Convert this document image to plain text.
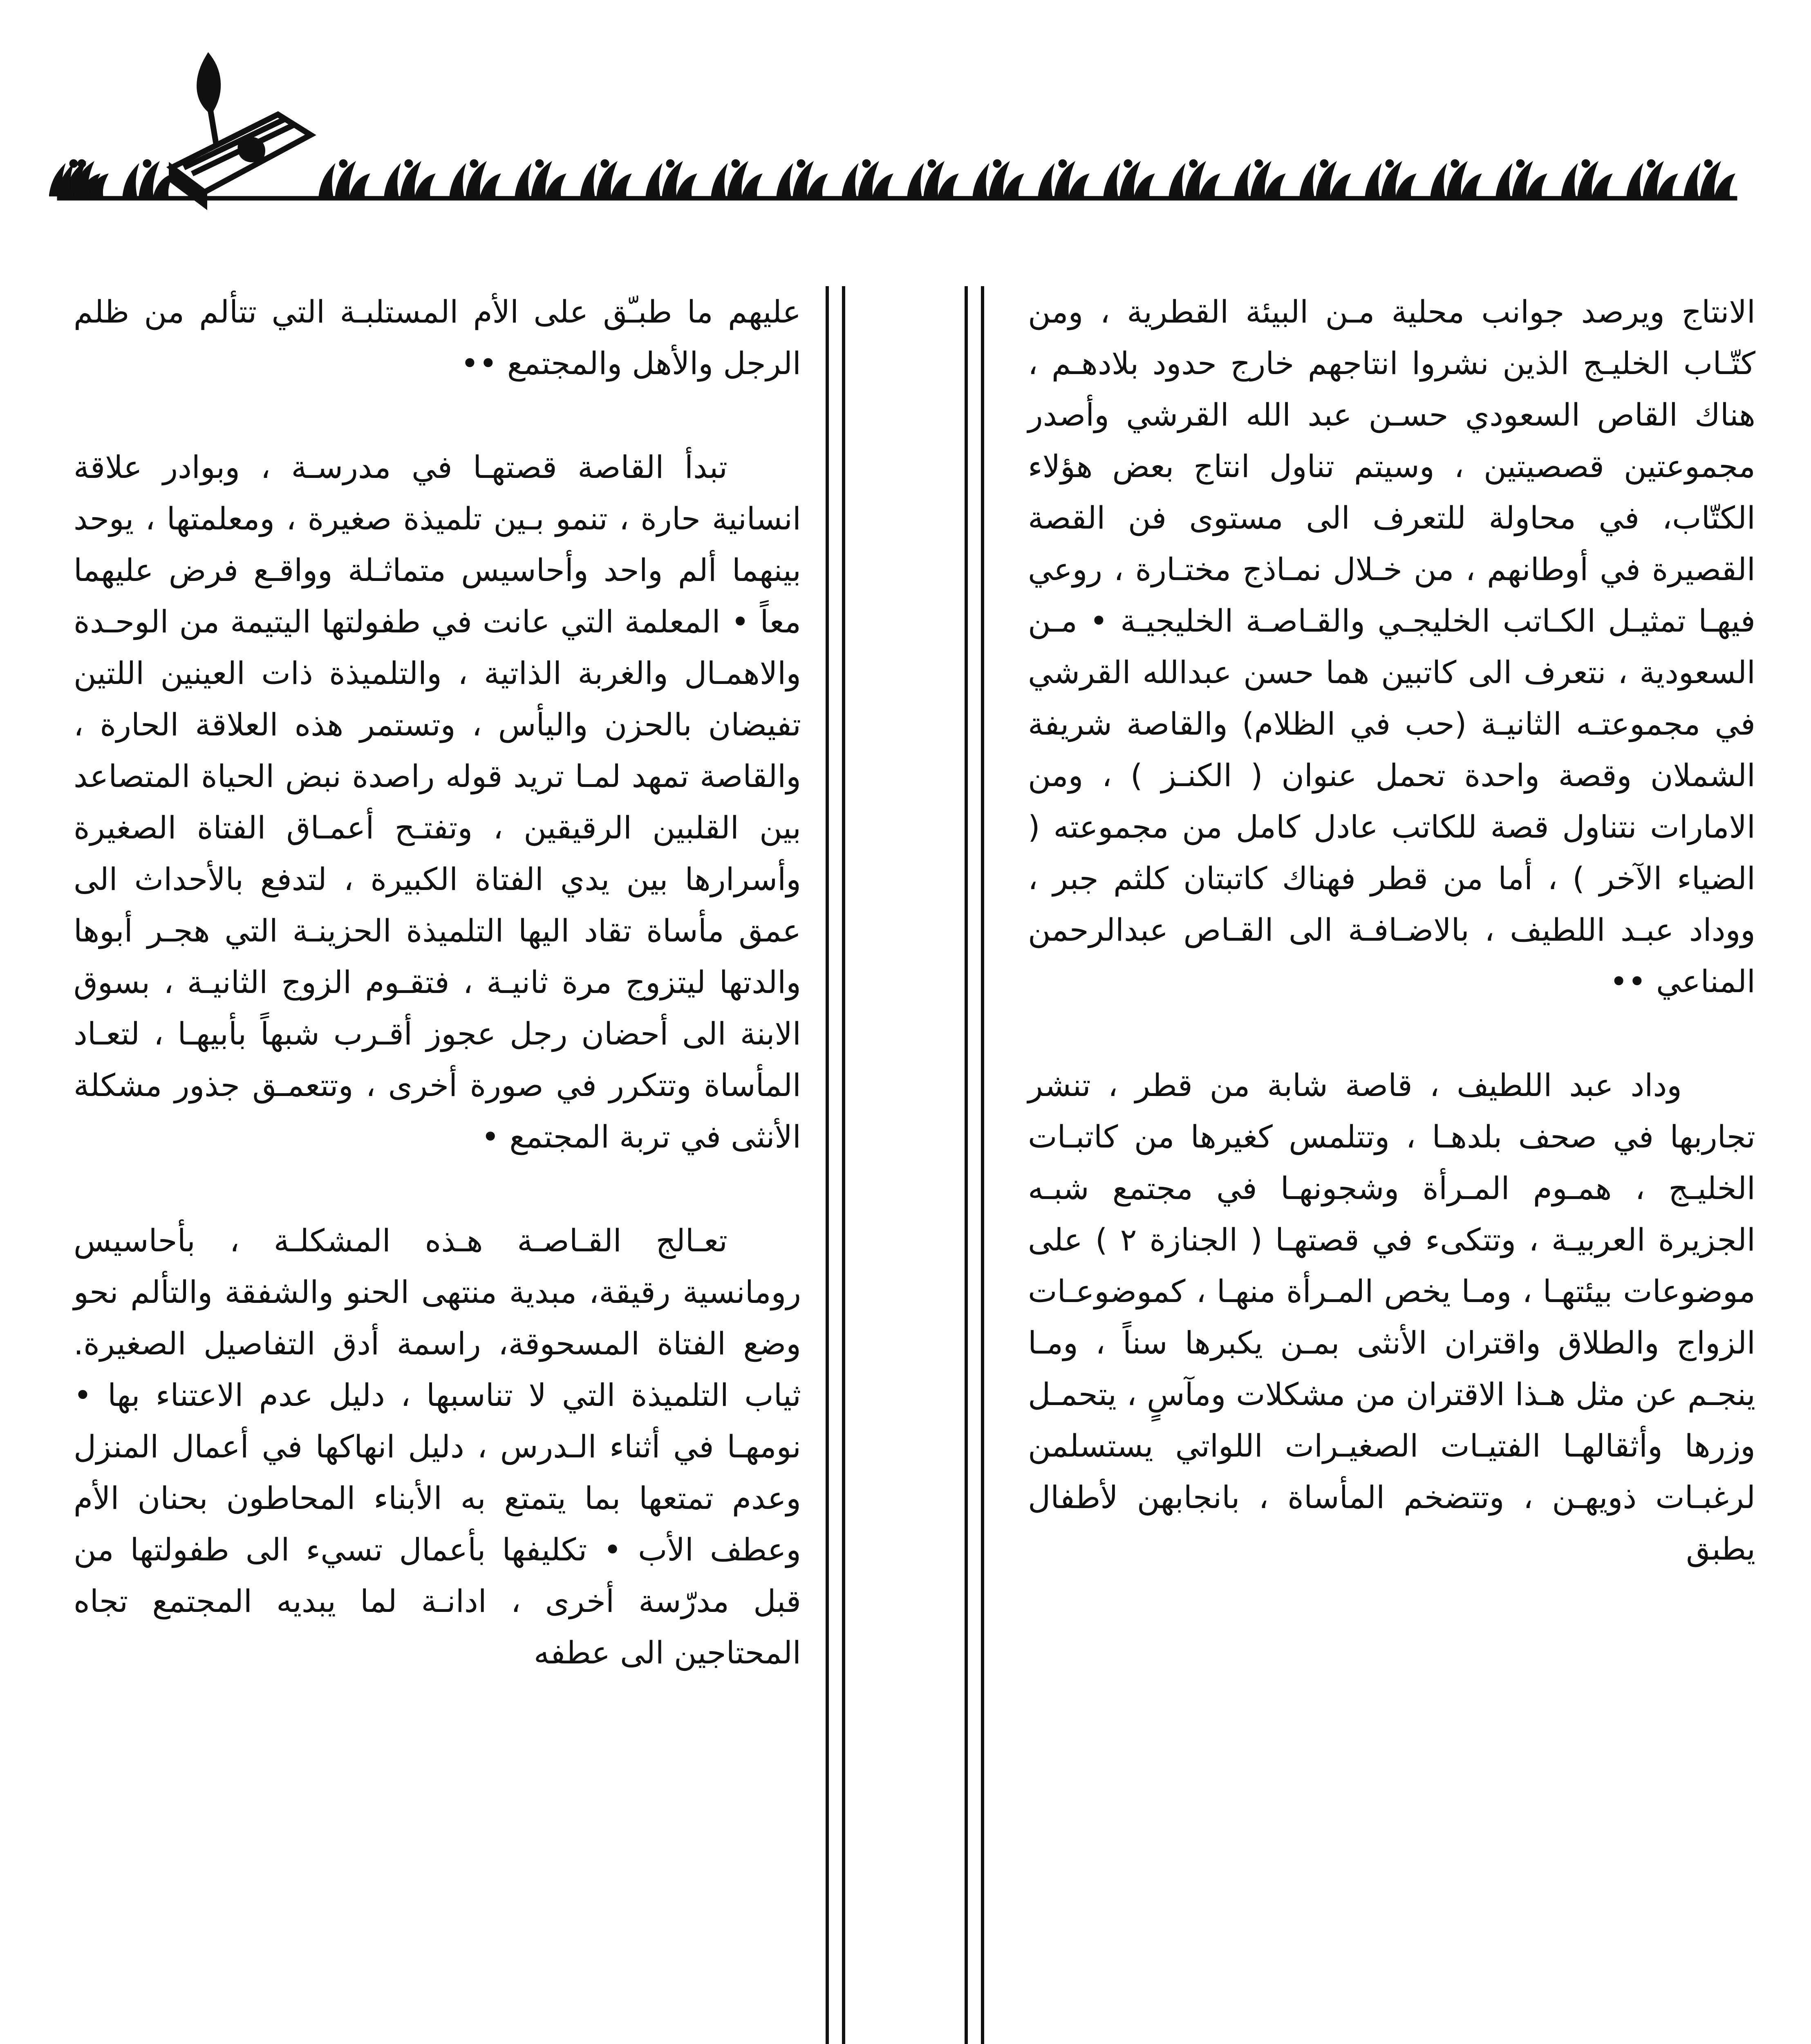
الانتاج ويرصد جوانب محلية مـن البيئة القطرية ، ومن كتّـاب الخليـج الذين نشروا انتاجهم خارج حدود بلادهـم ، هناك القاص السعودي حسـن عبد الله القرشي وأصدر مجموعتين قصصيتين ، وسيتم تناول انتاج بعض هؤلاء الكتّاب، في محاولة للتعرف الى مستوى فن القصة القصيرة في أوطانهم ، من خـلال نمـاذج مختـارة ، روعي فيهـا تمثيـل الكـاتب الخليجـي والقـاصـة الخليجيـة • مـن السعودية ، نتعرف الى كاتبين هما حسن عبدالله القرشي في مجموعتـه الثانيـة (حب في الظلام) والقاصة شريفة الشملان وقصة واحدة تحمل عنوان ( الكنـز ) ، ومن الامارات نتناول قصة للكاتب عادل كامل من مجموعته ( الضياء الآخر ) ، أما من قطر فهناك كاتبتان كلثم جبر ، ووداد عبـد اللطيف ، بالاضـافـة الى القـاص عبدالرحمن المناعي ••

وداد عبد اللطيف ، قاصة شابة من قطر ، تنشر تجاربها في صحف بلدهـا ، وتتلمس كغيرها من كاتبـات الخليـج ، همـوم المـرأة وشجونهـا في مجتمع شبـه الجزيرة العربيـة ، وتتكىء في قصتهـا ( الجنازة ٢ ) على موضوعات بيئتهـا ، ومـا يخص المـرأة منهـا ، كموضوعـات الزواج والطلاق واقتران الأنثى بمـن يكبرها سناً ، ومـا ينجـم عن مثل هـذا الاقتران من مشكلات ومآسٍ ، يتحمـل وزرها وأثقالهـا الفتيـات الصغيـرات اللواتي يستسلمن لرغبـات ذويهـن ، وتتضخم المأساة ، بانجابهن لأطفال يطبق

عليهم ما طبـّق على الأم المستلبـة التي تتألم من ظلم الرجل والأهل والمجتمع ••

تبدأ القاصة قصتهـا في مدرسـة ، وبوادر علاقة انسانية حارة ، تنمو بـين تلميذة صغيرة ، ومعلمتها ، يوحد بينهما ألم واحد وأحاسيس متماثـلة وواقـع فرض عليهما معاً • المعلمة التي عانت في طفولتها اليتيمة من الوحـدة والاهمـال والغربة الذاتية ، والتلميذة ذات العينين اللتين تفيضان بالحزن واليأس ، وتستمر هذه العلاقة الحارة ، والقاصة تمهد لمـا تريد قوله راصدة نبض الحياة المتصاعد بين القلبين الرقيقين ، وتفتـح أعمـاق الفتاة الصغيرة وأسرارها بين يدي الفتاة الكبيرة ، لتدفع بالأحداث الى عمق مأساة تقاد اليها التلميذة الحزينـة التي هجـر أبوها والدتها ليتزوج مرة ثانيـة ، فتقـوم الزوج الثانيـة ، بسوق الابنة الى أحضان رجل عجوز أقـرب شبهاً بأبيهـا ، لتعـاد المأساة وتتكرر في صورة أخرى ، وتتعمـق جذور مشكلة الأنثى في تربة المجتمع •

تعـالج القـاصـة هـذه المشكلـة ، بأحاسيس رومانسية رقيقة، مبدية منتهى الحنو والشفقة والتألم نحو وضع الفتاة المسحوقة، راسمة أدق التفاصيل الصغيرة. ثياب التلميذة التي لا تناسبها ، دليل عدم الاعتناء بها • نومهـا في أثناء الـدرس ، دليل انهاكها في أعمال المنزل وعدم تمتعها بما يتمتع به الأبناء المحاطون بحنان الأم وعطف الأب • تكليفها بأعمال تسيء الى طفولتها من قبل مدرّسة أخرى ، ادانـة لما يبديه المجتمع تجاه المحتاجين الى عطفه
